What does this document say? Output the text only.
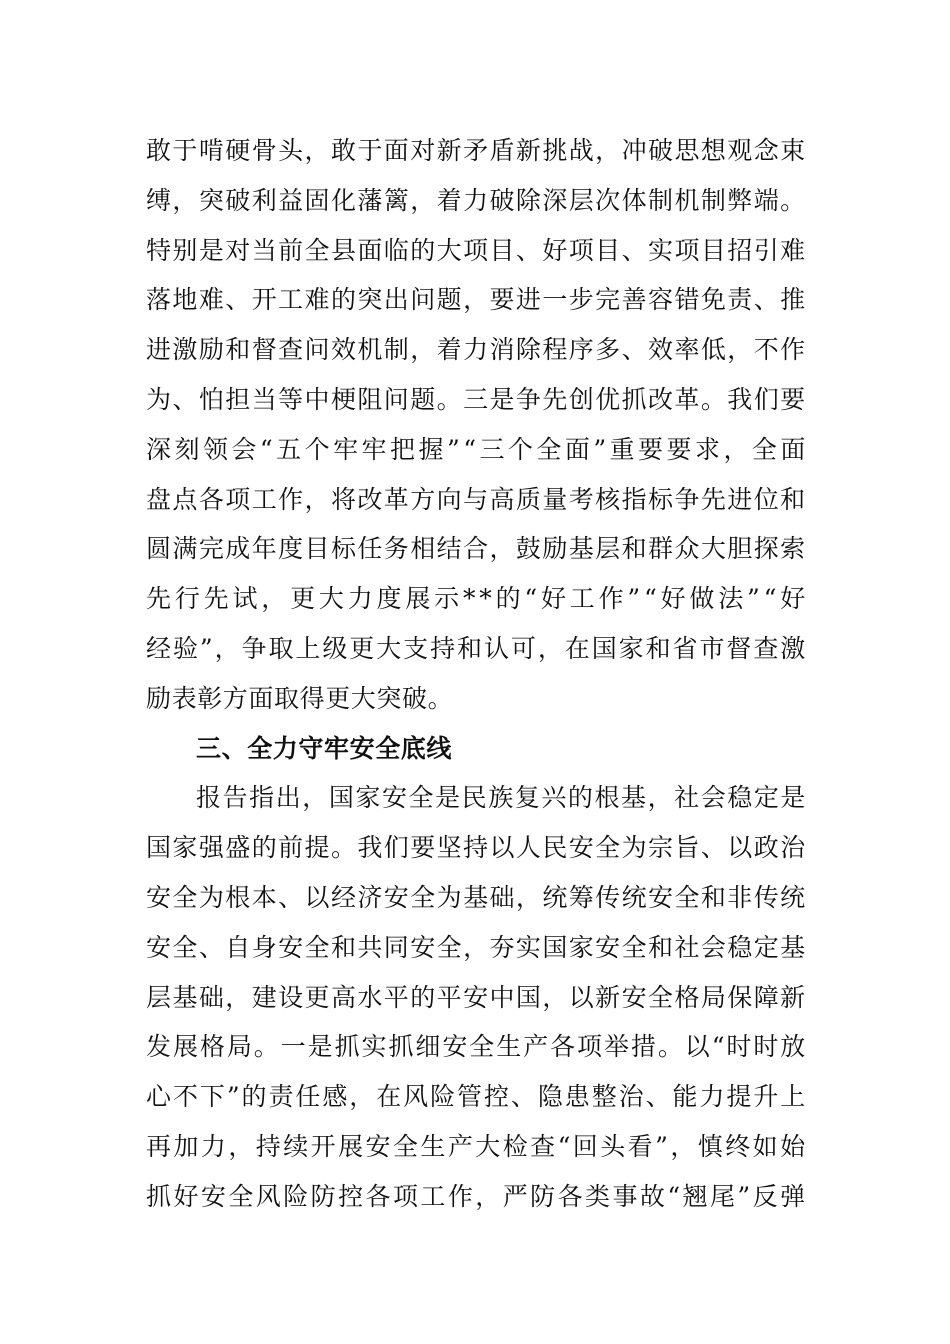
敢 于 啃 硬 骨 头 ， 敢 于 面 对 新 矛 盾 新 挑 战 ， 冲 破 思 想 观 念 束
缚 ， 突 破 利 益 固 化 藩 篱 ， 着 力 破 除 深 层 次 体 制 机 制 弊 端 。
特 别 是 对 当 前 全 县 面 临 的 大 项 目 、 好 项 目 、 实 项 目 招 引 难
落 地 难 、 开 工 难 的 突 出 问 题 ， 要 进 一 步 完 善 容 错 免 责 、 推
进 激 励 和 督 查 问 效 机 制 ， 着 力 消 除 程 序 多 、 效 率 低 ， 不 作
为 、 怕 担 当 等 中 梗 阻 问 题 。 三 是 争 先 创 优 抓 改 革 。 我 们 要
深 刻 领 会 “ 五 个 牢 牢 把 握 ” “ 三 个 全 面 ” 重 要 要 求 ， 全 面
盘 点 各 项 工 作 ， 将 改 革 方 向 与 高 质 量 考 核 指 标 争 先 进 位 和
圆 满 完 成 年 度 目 标 任 务 相 结 合 ， 鼓 励 基 层 和 群 众 大 胆 探 索
先 行 先 试 ， 更 大 力 度 展 示 * * 的 “ 好 工 作 ” “ 好 做 法 ” “ 好
经 验 ” ， 争 取 上 级 更 大 支 持 和 认 可 ， 在 国 家 和 省 市 督 查 激
励表彰方面取得更大突破。
三、全力守牢安全底线
报 告 指 出 ， 国 家 安 全 是 民 族 复 兴 的 根 基 ， 社 会 稳 定 是
国 家 强 盛 的 前 提 。 我 们 要 坚 持 以 人 民 安 全 为 宗 旨 、 以 政 治
安 全 为 根 本 、 以 经 济 安 全 为 基 础 ， 统 筹 传 统 安 全 和 非 传 统
安 全 、 自 身 安 全 和 共 同 安 全 ， 夯 实 国 家 安 全 和 社 会 稳 定 基
层 基 础 ， 建 设 更 高 水 平 的 平 安 中 国 ， 以 新 安 全 格 局 保 障 新
发 展 格 局 。 一 是 抓 实 抓 细 安 全 生 产 各 项 举 措 。 以 “ 时 时 放
心 不 下 ” 的 责 任 感 ， 在 风 险 管 控 、 隐 患 整 治 、 能 力 提 升 上
再 加 力 ， 持 续 开 展 安 全 生 产 大 检 查 “ 回 头 看 ” ， 慎 终 如 始
抓 好 安 全 风 险 防 控 各 项 工 作 ， 严 防 各 类 事 故 “ 翘 尾 ” 反 弹
